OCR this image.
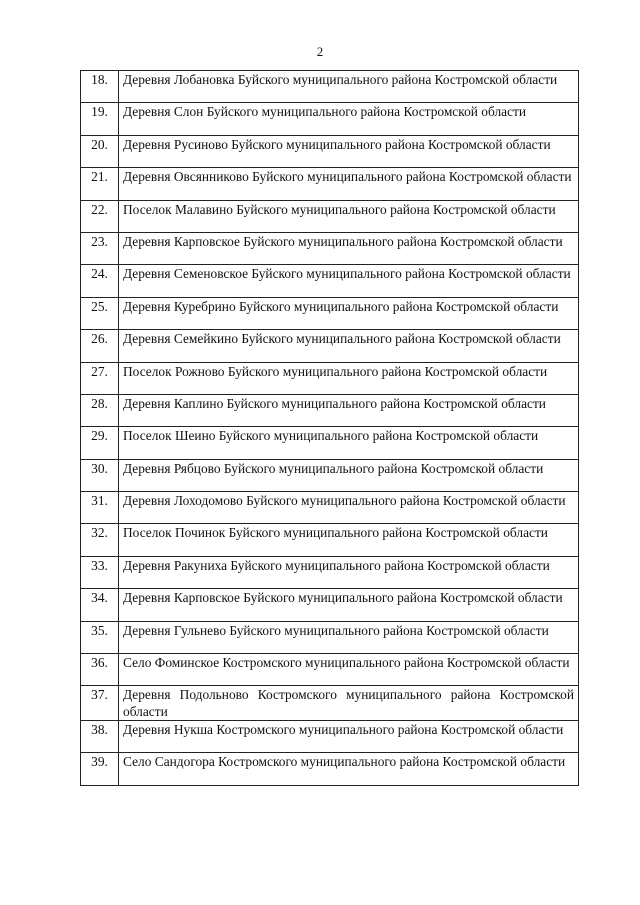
2
18.	Деревня Лобановка Буйского муниципального района Костромской области
19.	Деревня Слон Буйского муниципального района Костромской области
20.	Деревня Русиново Буйского муниципального района Костромской области
21.	Деревня Овсянниково Буйского муниципального района Костромской области
22.	Поселок Малавино Буйского муниципального района Костромской области
23.	Деревня Карповское Буйского муниципального района Костромской области
24.	Деревня Семеновское Буйского муниципального района Костромской области
25.	Деревня Куребрино Буйского муниципального района Костромской области
26.	Деревня Семейкино Буйского муниципального района Костромской области
27.	Поселок Рожново Буйского муниципального района Костромской области
28.	Деревня Каплино Буйского муниципального района Костромской области
29.	Поселок Шеино Буйского муниципального района Костромской области
30.	Деревня Рябцово Буйского муниципального района Костромской области
31.	Деревня Лоходомово Буйского муниципального района Костромской области
32.	Поселок Починок Буйского муниципального района Костромской области
33.	Деревня Ракуниха Буйского муниципального района Костромской области
34.	Деревня Карповское Буйского муниципального района Костромской области
35.	Деревня Гульнево Буйского муниципального района Костромской области
36.	Село Фоминское Костромского муниципального района Костромской области
37.	Деревня Подольново Костромского муниципального района Костромской области
38.	Деревня Нукша Костромского муниципального района Костромской области
39.	Село Сандогора Костромского муниципального района Костромской области
